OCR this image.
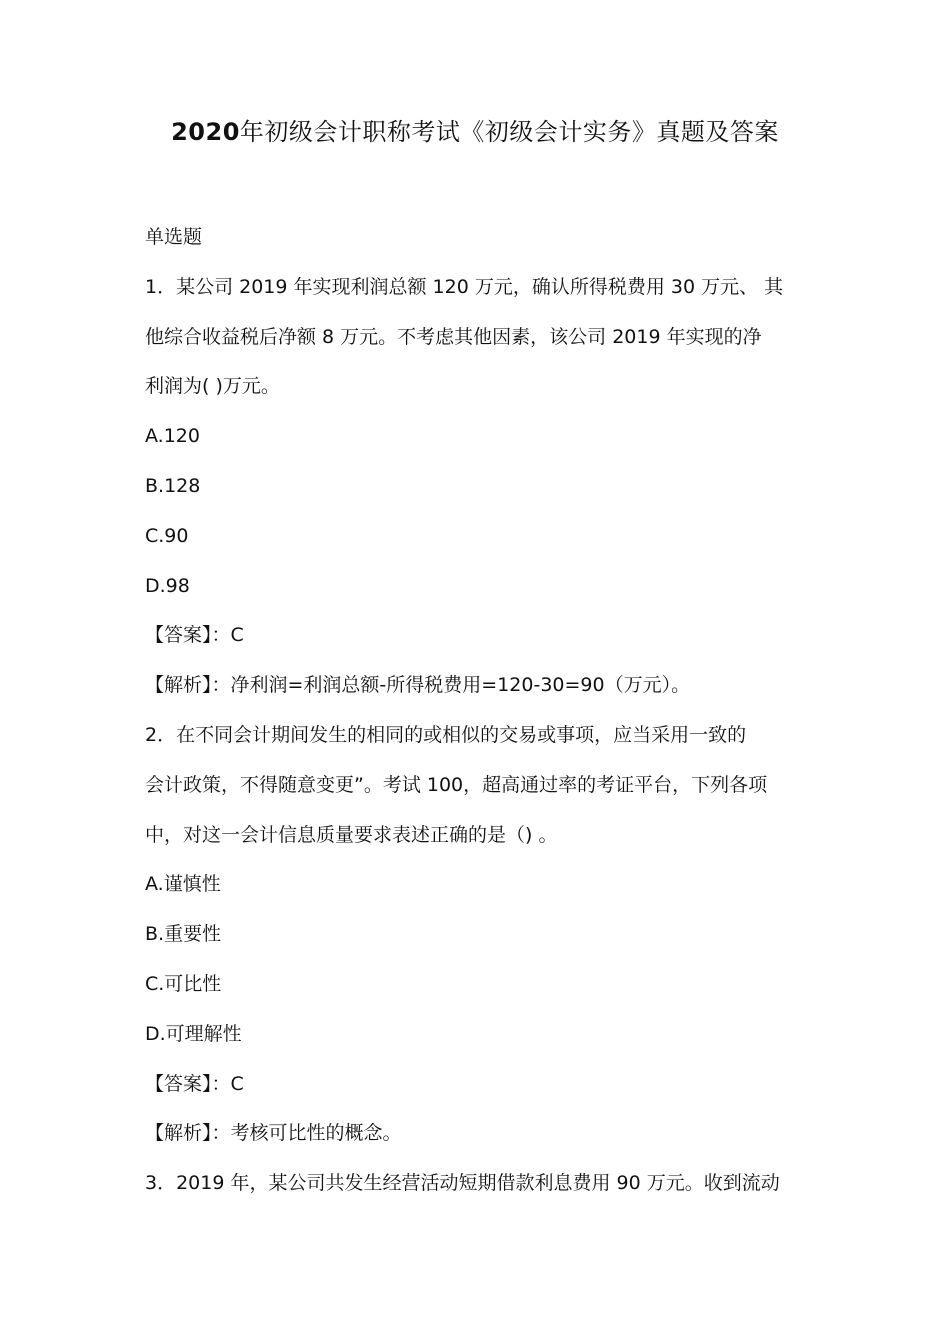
2020年初级会计职称考试《初级会计实务》真题及答案

单选题

1．某公司 2019 年实现利润总额 120 万元，确认所得税费用 30 万元、 其

他综合收益税后净额 8 万元。不考虑其他因素，该公司 2019 年实现的净

利润为( )万元。

A.120

B.128

C.90

D.98

【答案】：C

【解析】：净利润=利润总额-所得税费用=120-30=90（万元）。

2．在不同会计期间发生的相同的或相似的交易或事项，应当采用一致的

会计政策，不得随意变更”。考试 100，超高通过率的考证平台，下列各项

中，对这一会计信息质量要求表述正确的是（) 。

A.谨慎性

B.重要性

C.可比性

D.可理解性

【答案】：C

【解析】：考核可比性的概念。

3．2019 年，某公司共发生经营活动短期借款利息费用 90 万元。收到流动
